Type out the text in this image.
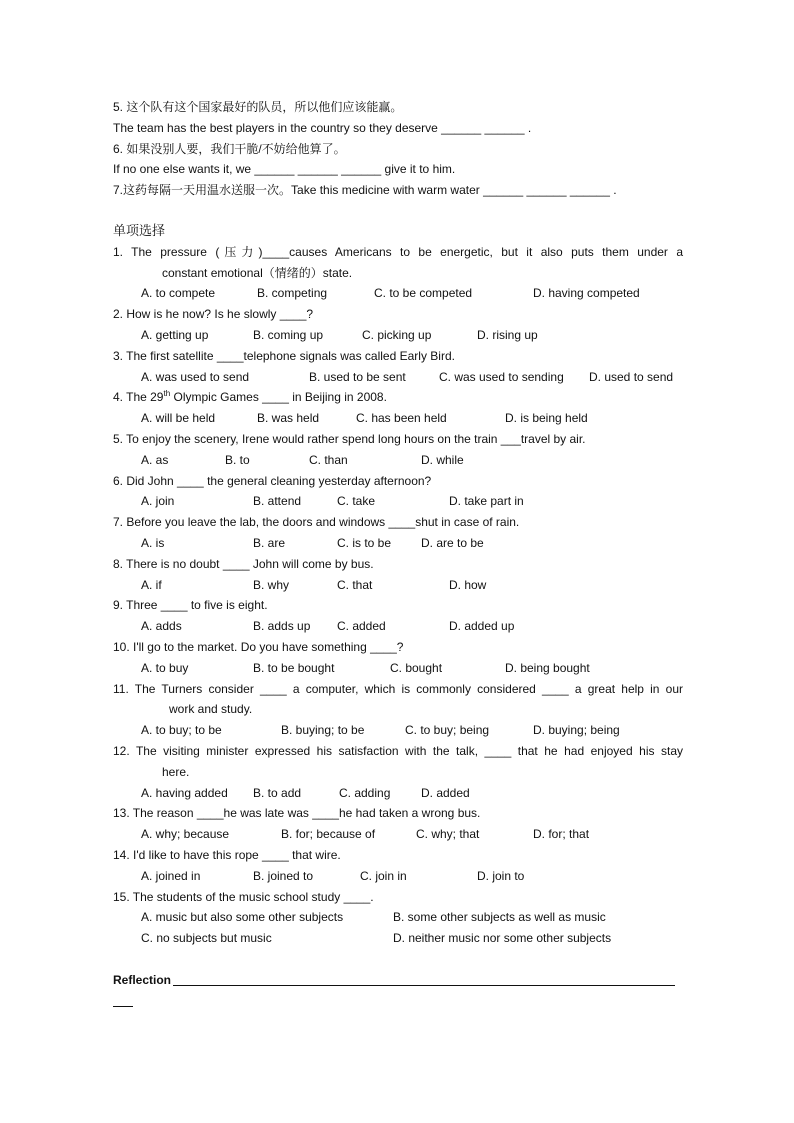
5. 这个队有这个国家最好的队员，所以他们应该能赢。
The team has the best players in the country so they deserve ______ ______ .
6. 如果没别人要，我们干脆/不妨给他算了。
If no one else wants it, we ______ ______ ______ give it to him.
7.这药每隔一天用温水送服一次。Take this medicine with warm water ______ ______ ______ .
单项选择
1. The pressure (压力)____causes Americans to be energetic, but it also puts them under a
constant emotional（情绪的）state.
A. to compete	B. competing	C. to be competed	D. having competed
2. How is he now? Is he slowly ____?
A. getting up	B. coming up	C. picking up	D. rising up
3. The first satellite ____telephone signals was called Early Bird.
A. was used to send	B. used to be sent	C. was used to sending D. used to send
4. The 29th Olympic Games ____ in Beijing in 2008.
A. will be held	B. was held	C. has been held	D. is being held
5. To enjoy the scenery, Irene would rather spend long hours on the train ___travel by air.
A. as	B. to	C. than	D. while
6. Did John ____ the general cleaning yesterday afternoon?
A. join	B. attend	C. take	D. take part in
7. Before you leave the lab, the doors and windows ____shut in case of rain.
A. is	B. are	C. is to be D. are to be
8. There is no doubt ____ John will come by bus.
A. if	B. why	C. that	D. how
9. Three ____ to five is eight.
A. adds	B. adds up C. added	D. added up
10. I'll go to the market. Do you have something ____?
A. to buy	B. to be bought	C. bought	D. being bought
11. The Turners consider ____ a computer, which is commonly considered ____ a great help in our
work and study.
A. to buy; to be	B. buying; to be	C. to buy; being	D. buying; being
12. The visiting minister expressed his satisfaction with the talk, ____ that he had enjoyed his stay
here.
A. having added B. to add	C. adding	D. added
13. The reason ____he was late was ____he had taken a wrong bus.
A. why; because	B. for; because of	C. why; that	D. for; that
14. I'd like to have this rope ____ that wire.
A. joined in	B. joined to	C. join in	D. join to
15. The students of the music school study ____.
A. music but also some other subjects	B. some other subjects as well as music
C. no subjects but music	D. neither music nor some other subjects
Reflection
